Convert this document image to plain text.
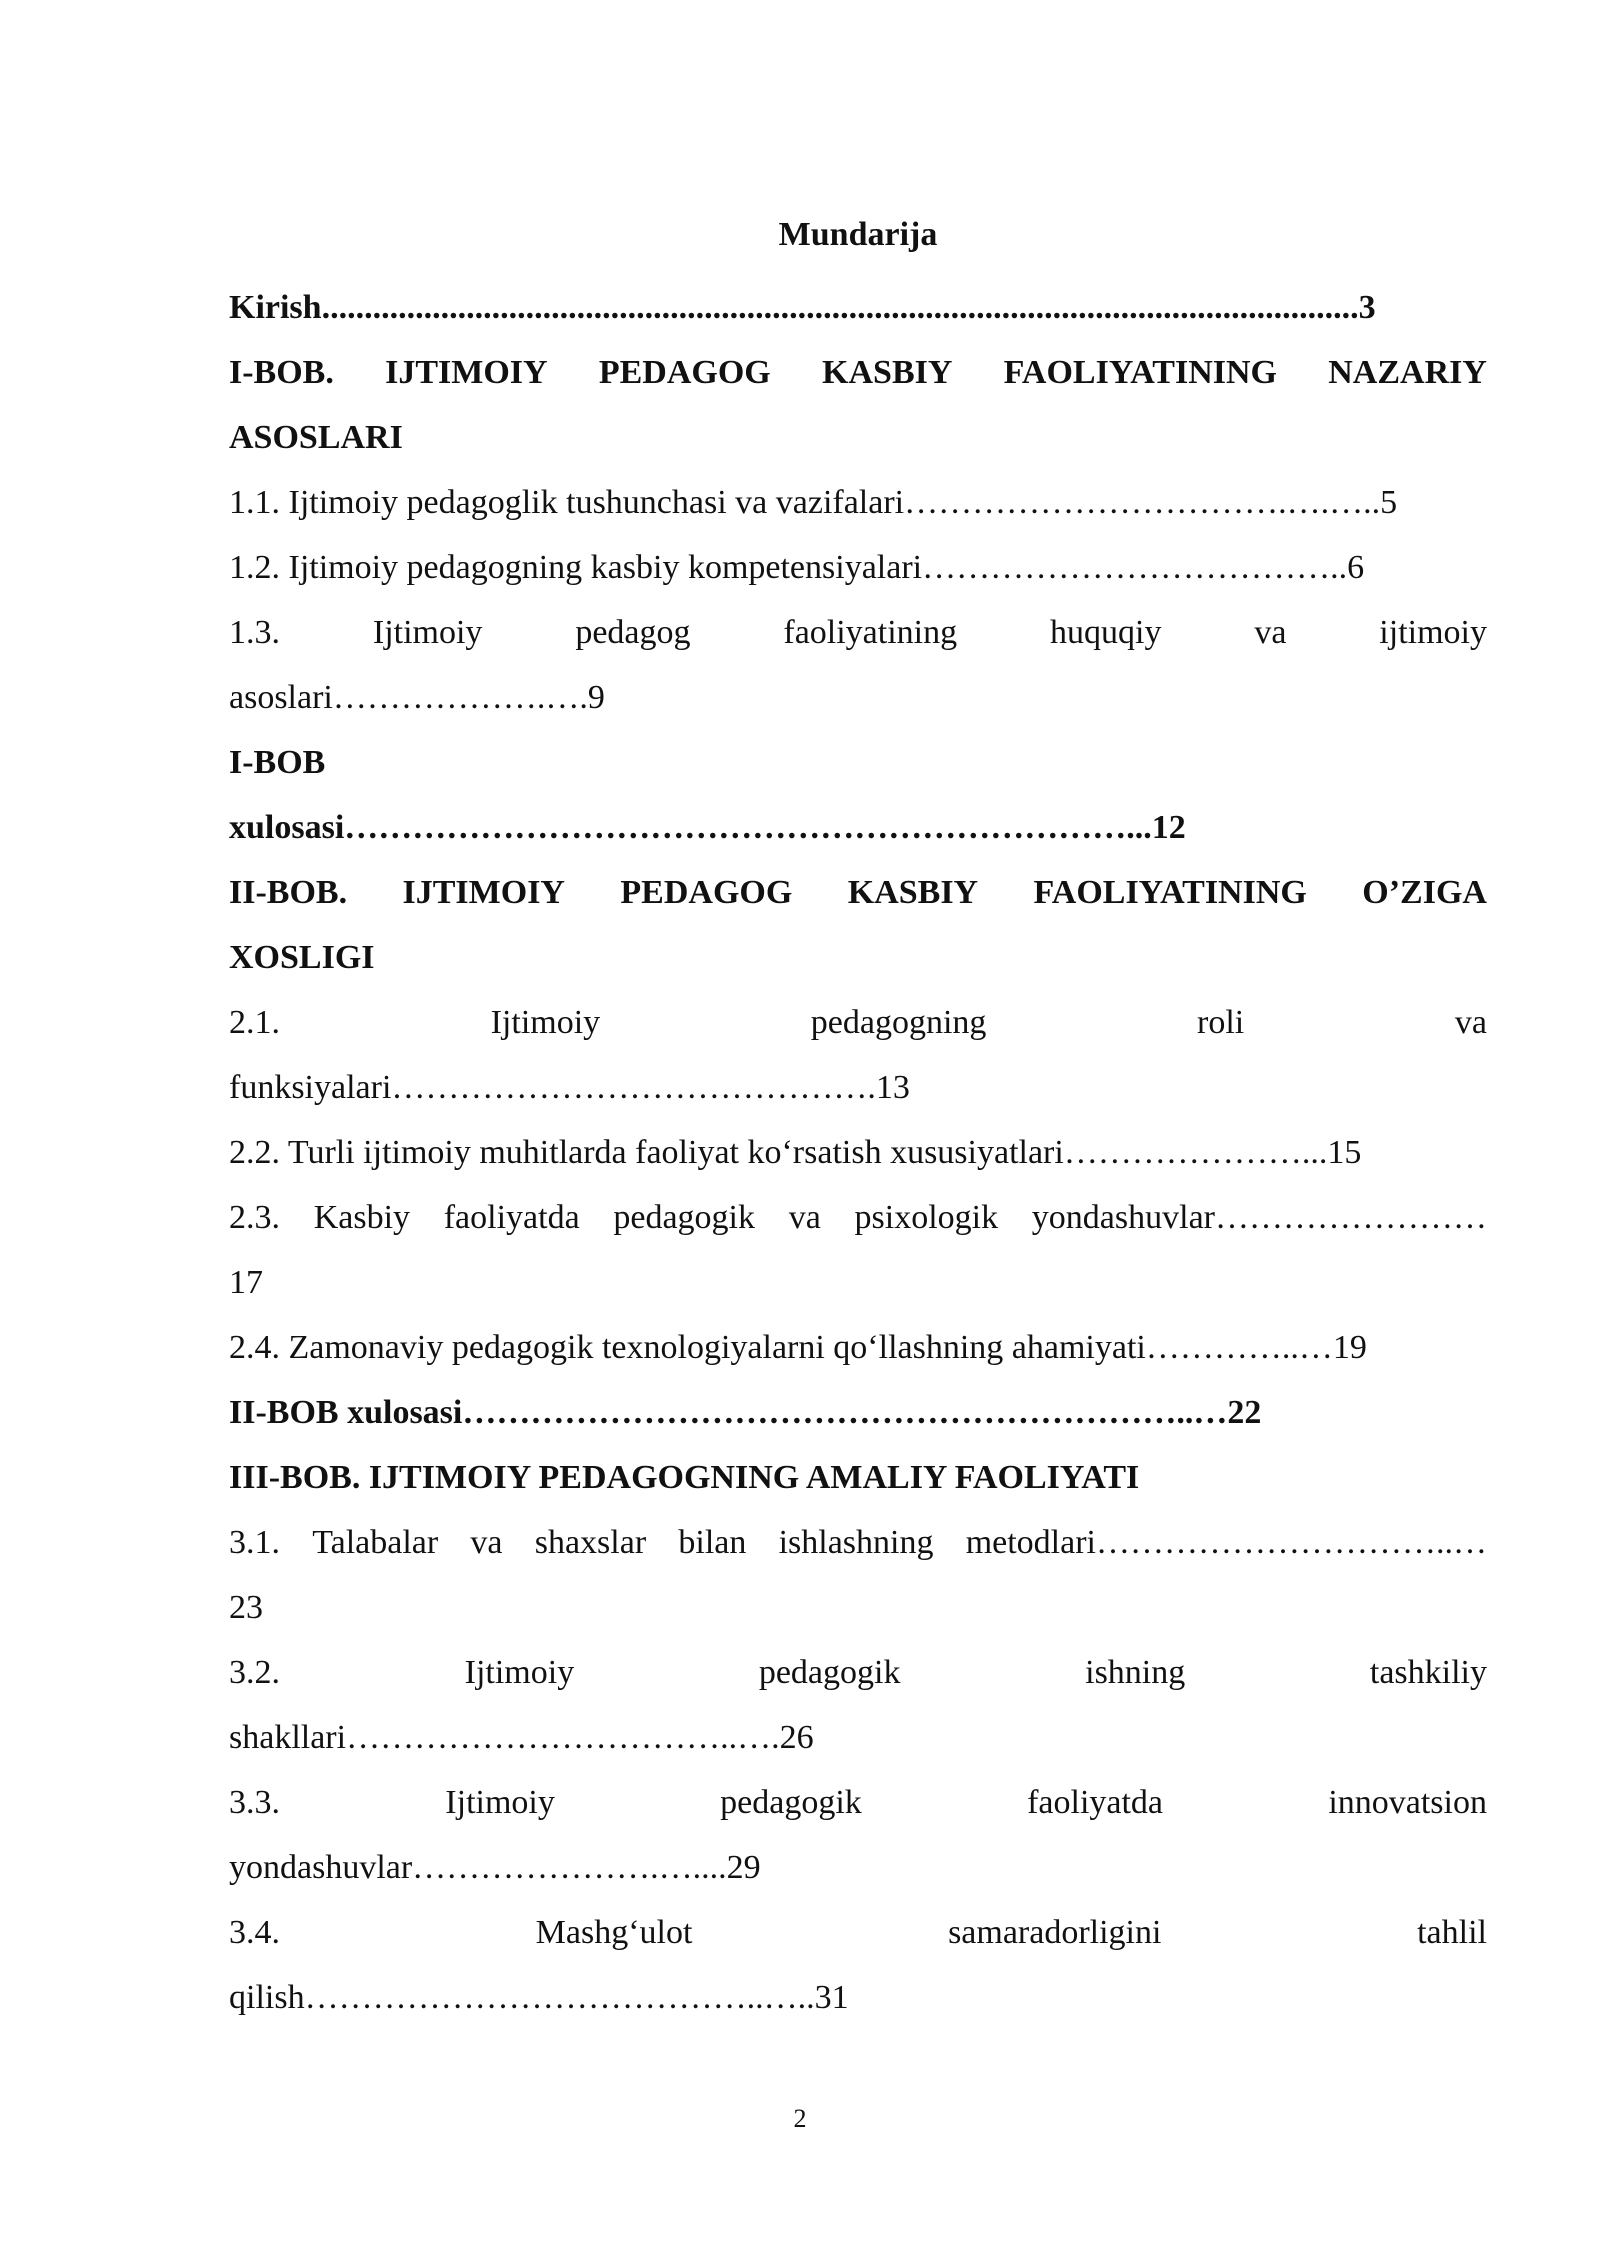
Mundarija
Kirish..........................................................................................................................3
I-BOB. IJTIMOIY PEDAGOG KASBIY FAOLIYATINING NAZARIY
ASOSLARI
1.1. Ijtimoiy pedagoglik tushunchasi va vazifalari…………………………….….…..5
1.2. Ijtimoiy pedagogning kasbiy kompetensiyalari………………………………..6
1.3.	Ijtimoiy	pedagog	faoliyatining	huquqiy	va	ijtimoiy
asoslari……………….….9
I-BOB
xulosasi……………………………………………………………...12
II-BOB. IJTIMOIY PEDAGOG KASBIY FAOLIYATINING O’ZIGA
XOSLIGI
2.1.	Ijtimoiy	pedagogning	roli	va
funksiyalari…………………………………….13
2.2. Turli ijtimoiy muhitlarda faoliyat ko‘rsatish xususiyatlari…………………...15
2.3. Kasbiy faoliyatda pedagogik va psixologik yondashuvlar……………………
17
2.4. Zamonaviy pedagogik texnologiyalarni qo‘llashning ahamiyati…………..…19
II-BOB xulosasi………………………………………………………..…22
III-BOB. IJTIMOIY PEDAGOGNING AMALIY FAOLIYATI
3.1. Talabalar va shaxslar bilan ishlashning metodlari…………………………..…
23
3.2.	Ijtimoiy	pedagogik	ishning	tashkiliy
shakllari……………………………..….26
3.3.	Ijtimoiy	pedagogik	faoliyatda	innovatsion
yondashuvlar………………….…....29
3.4.	Mashg‘ulot	samaradorligini	tahlil
qilish…………………………………..…..31
2
